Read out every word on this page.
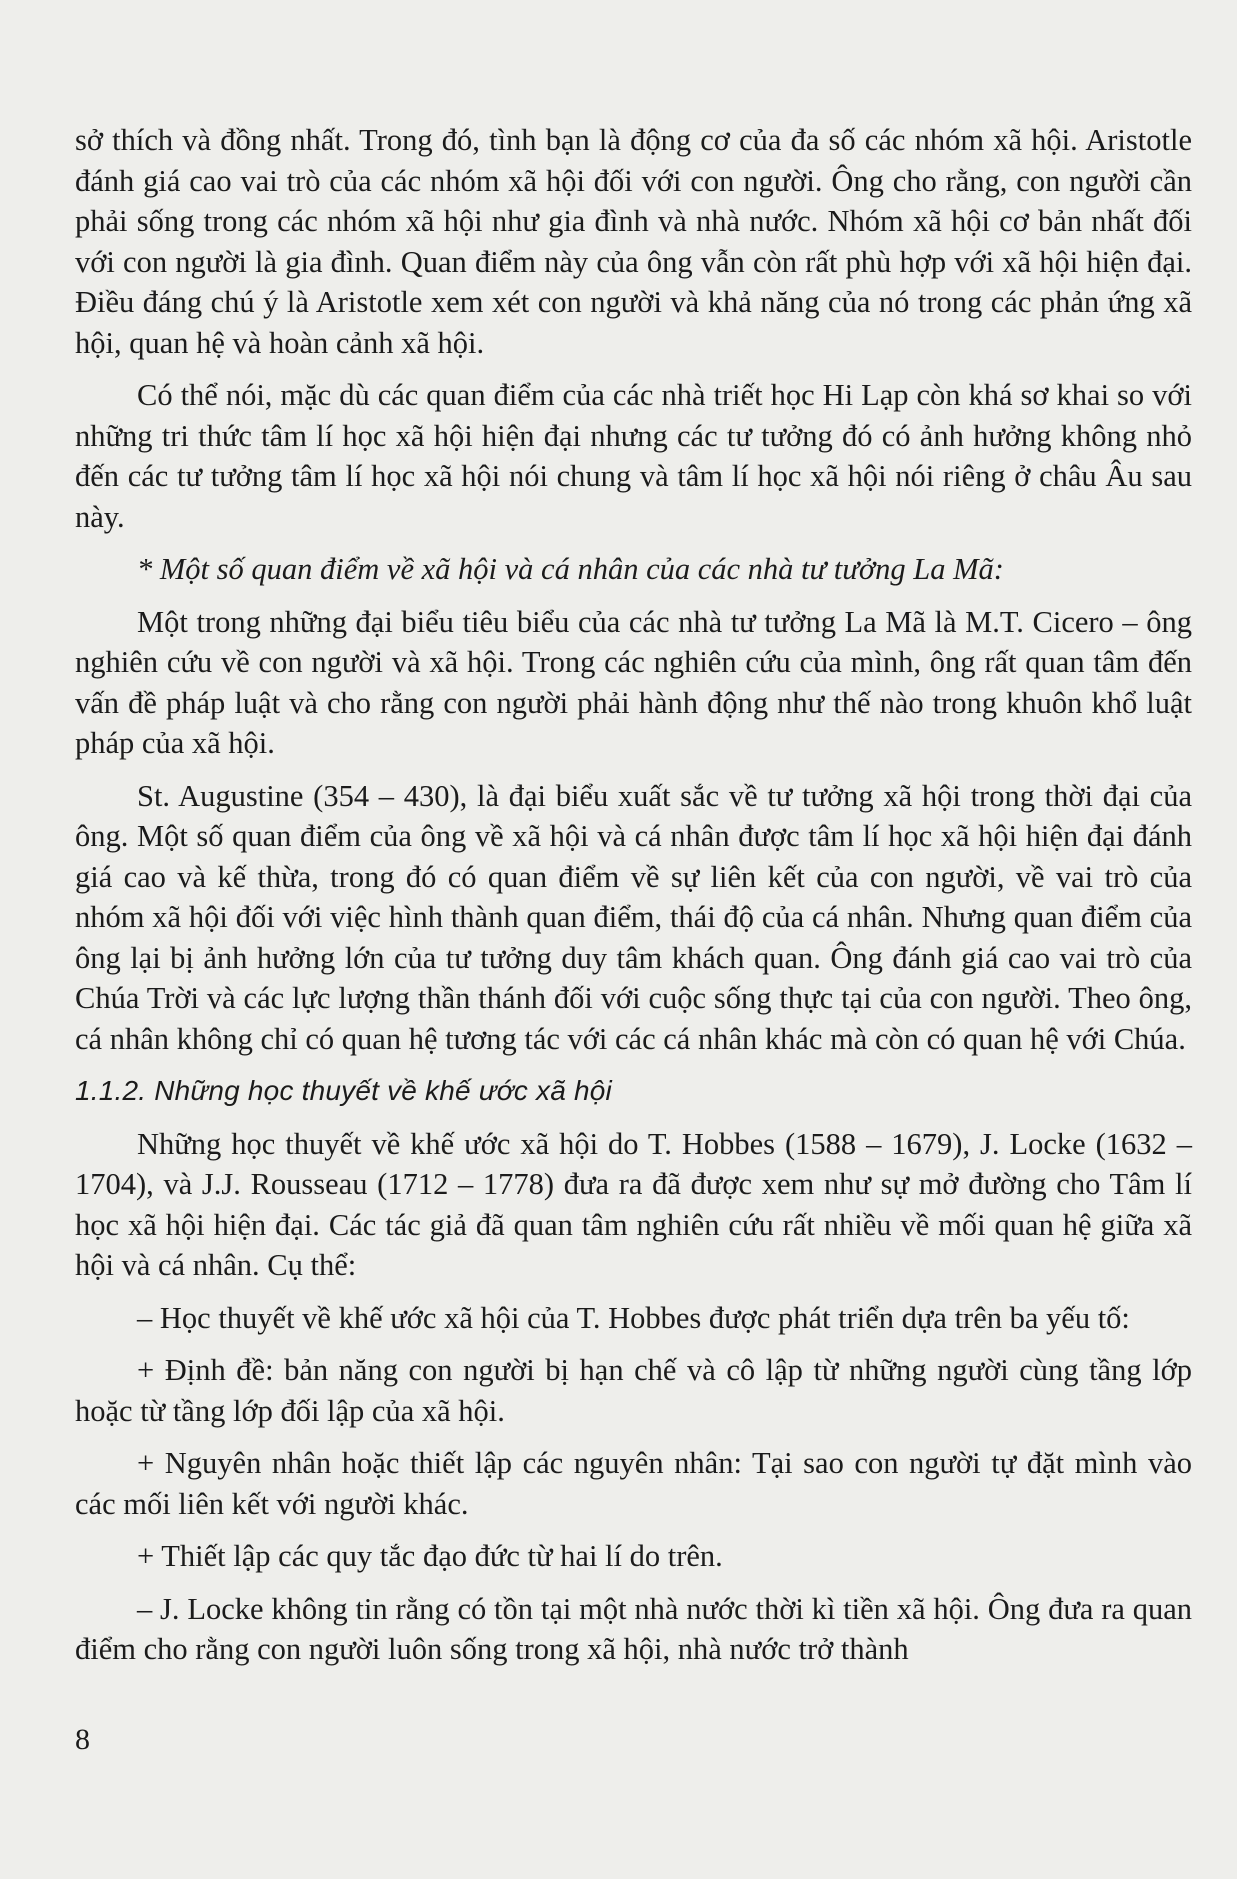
sở thích và đồng nhất. Trong đó, tình bạn là động cơ của đa số các nhóm xã hội. Aristotle đánh giá cao vai trò của các nhóm xã hội đối với con người. Ông cho rằng, con người cần phải sống trong các nhóm xã hội như gia đình và nhà nước. Nhóm xã hội cơ bản nhất đối với con người là gia đình. Quan điểm này của ông vẫn còn rất phù hợp với xã hội hiện đại. Điều đáng chú ý là Aristotle xem xét con người và khả năng của nó trong các phản ứng xã hội, quan hệ và hoàn cảnh xã hội.

Có thể nói, mặc dù các quan điểm của các nhà triết học Hi Lạp còn khá sơ khai so với những tri thức tâm lí học xã hội hiện đại nhưng các tư tưởng đó có ảnh hưởng không nhỏ đến các tư tưởng tâm lí học xã hội nói chung và tâm lí học xã hội nói riêng ở châu Âu sau này.

* Một số quan điểm về xã hội và cá nhân của các nhà tư tưởng La Mã:

Một trong những đại biểu tiêu biểu của các nhà tư tưởng La Mã là M.T. Cicero – ông nghiên cứu về con người và xã hội. Trong các nghiên cứu của mình, ông rất quan tâm đến vấn đề pháp luật và cho rằng con người phải hành động như thế nào trong khuôn khổ luật pháp của xã hội.

St. Augustine (354 – 430), là đại biểu xuất sắc về tư tưởng xã hội trong thời đại của ông. Một số quan điểm của ông về xã hội và cá nhân được tâm lí học xã hội hiện đại đánh giá cao và kế thừa, trong đó có quan điểm về sự liên kết của con người, về vai trò của nhóm xã hội đối với việc hình thành quan điểm, thái độ của cá nhân. Nhưng quan điểm của ông lại bị ảnh hưởng lớn của tư tưởng duy tâm khách quan. Ông đánh giá cao vai trò của Chúa Trời và các lực lượng thần thánh đối với cuộc sống thực tại của con người. Theo ông, cá nhân không chỉ có quan hệ tương tác với các cá nhân khác mà còn có quan hệ với Chúa.

1.1.2. Những học thuyết về khế ước xã hội

Những học thuyết về khế ước xã hội do T. Hobbes (1588 – 1679), J. Locke (1632 – 1704), và J.J. Rousseau (1712 – 1778) đưa ra đã được xem như sự mở đường cho Tâm lí học xã hội hiện đại. Các tác giả đã quan tâm nghiên cứu rất nhiều về mối quan hệ giữa xã hội và cá nhân. Cụ thể:

– Học thuyết về khế ước xã hội của T. Hobbes được phát triển dựa trên ba yếu tố:

+ Định đề: bản năng con người bị hạn chế và cô lập từ những người cùng tầng lớp hoặc từ tầng lớp đối lập của xã hội.

+ Nguyên nhân hoặc thiết lập các nguyên nhân: Tại sao con người tự đặt mình vào các mối liên kết với người khác.

+ Thiết lập các quy tắc đạo đức từ hai lí do trên.

– J. Locke không tin rằng có tồn tại một nhà nước thời kì tiền xã hội. Ông đưa ra quan điểm cho rằng con người luôn sống trong xã hội, nhà nước trở thành

8
